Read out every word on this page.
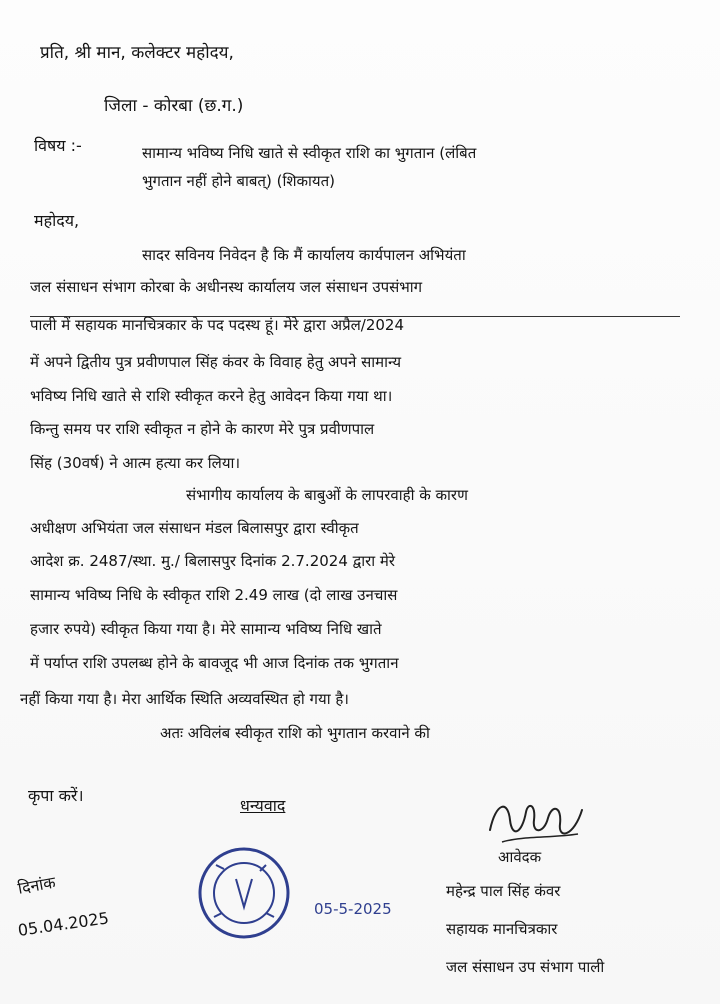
प्रति, श्री मान, कलेक्टर महोदय,
जिला - कोरबा (छ.ग.)
विषय :-	सामान्य भविष्य निधि खाते से स्वीकृत राशि का भुगतान (लंबित
भुगतान नहीं होने बाबत्) (शिकायत)
महोदय,
सादर सविनय निवेदन है कि मैं कार्यालय कार्यपालन अभियंता
जल संसाधन संभाग कोरबा के अधीनस्थ कार्यालय जल संसाधन उपसंभाग
पाली में सहायक मानचित्रकार के पद पदस्थ हूं। मेरे द्वारा अप्रैल/2024
में अपने द्वितीय पुत्र प्रवीणपाल सिंह कंवर के विवाह हेतु अपने सामान्य
भविष्य निधि खाते से राशि स्वीकृत करने हेतु आवेदन किया गया था।
किन्तु समय पर राशि स्वीकृत न होने के कारण मेरे पुत्र प्रवीणपाल
सिंह (30वर्ष) ने आत्म हत्या कर लिया।
संभागीय कार्यालय के बाबुओं के लापरवाही के कारण
अधीक्षण अभियंता जल संसाधन मंडल बिलासपुर द्वारा स्वीकृत
आदेश क्र. 2487/स्था. मु./ बिलासपुर दिनांक 2.7.2024 द्वारा मेरे
सामान्य भविष्य निधि के स्वीकृत राशि 2.49 लाख (दो लाख उनचास
हजार रुपये) स्वीकृत किया गया है। मेरे सामान्य भविष्य निधि खाते
में पर्याप्त राशि उपलब्ध होने के बावजूद भी आज दिनांक तक भुगतान
नहीं किया गया है। मेरा आर्थिक स्थिति अव्यवस्थित हो गया है।
अतः अविलंब स्वीकृत राशि को भुगतान करवाने की
कृपा करें।
धन्यवाद
आवेदक
दिनांक
05.04.2025	05-5-2025
महेन्द्र पाल सिंह कंवर
सहायक मानचित्रकार
जल संसाधन उप संभाग पाली
